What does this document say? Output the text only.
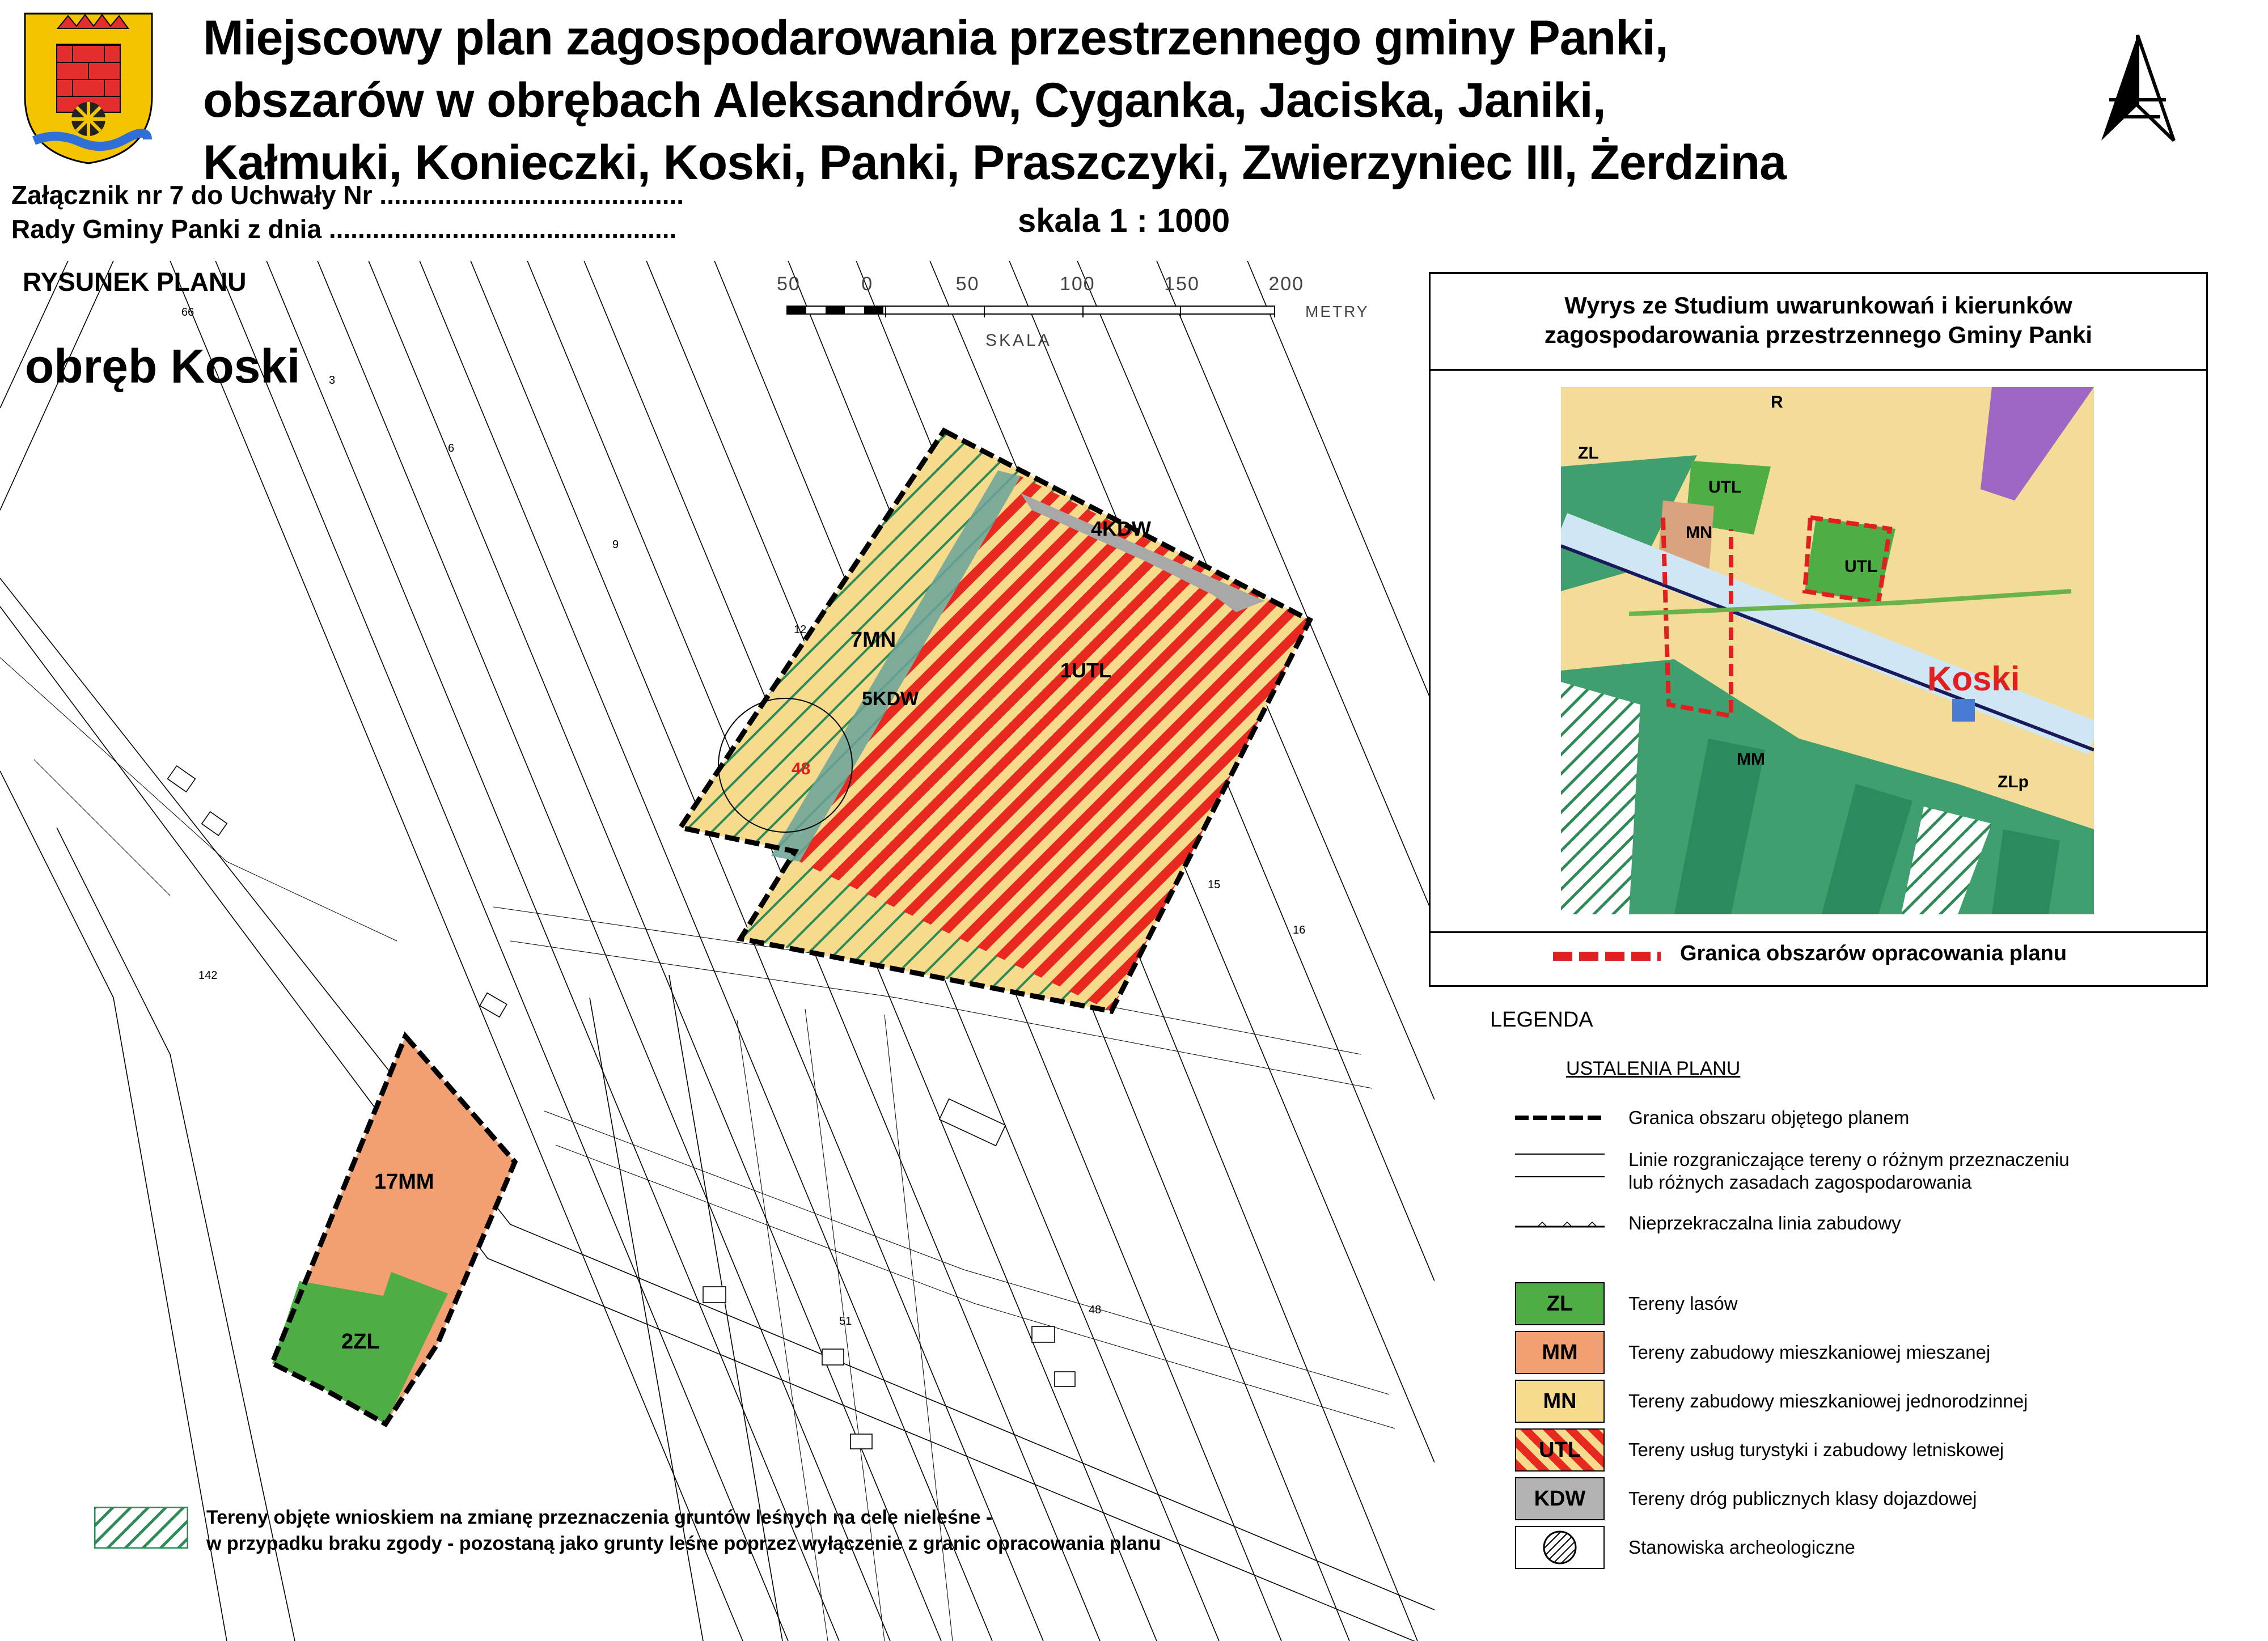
Miejscowy plan zagospodarowania przestrzennego gminy Panki,
obszarów w obrębach Aleksandrów, Cyganka, Jaciska, Janiki,
Kałmuki, Konieczki, Koski, Panki, Praszczyki, Zwierzyniec III, Żerdzina
Załącznik nr 7 do Uchwały Nr ..........................................
Rady Gminy Panki z dnia ................................................	skala 1 : 1000
RYSUNEK PLANU
obręb Koski
50	0	50	100	150	200
METRY
SKALA
7MN
1UTL
4KDW
5KDW
17MM
2ZL
48
66
3
6
9
12
15
16
142
48
51
Wyrys ze Studium uwarunkowań i kierunków
zagospodarowania przestrzennego Gminy Panki
Koski
UTL
MN
UTL
R
ZL
MM
ZLp
Granica obszarów opracowania planu
LEGENDA
USTALENIA PLANU
Granica obszaru objętego planem
Linie rozgraniczające tereny o różnym przeznaczeniu
lub różnych zasadach zagospodarowania
Nieprzekraczalna linia zabudowy
ZL	Tereny lasów
MM	Tereny zabudowy mieszkaniowej mieszanej
MN	Tereny zabudowy mieszkaniowej jednorodzinnej
UTL	Tereny usług turystyki i zabudowy letniskowej
KDW	Tereny dróg publicznych klasy dojazdowej
Stanowiska archeologiczne
Tereny objęte wnioskiem na zmianę przeznaczenia gruntów leśnych na cele nieleśne -
w przypadku braku zgody - pozostaną jako grunty leśne poprzez wyłączenie z granic opracowania planu
